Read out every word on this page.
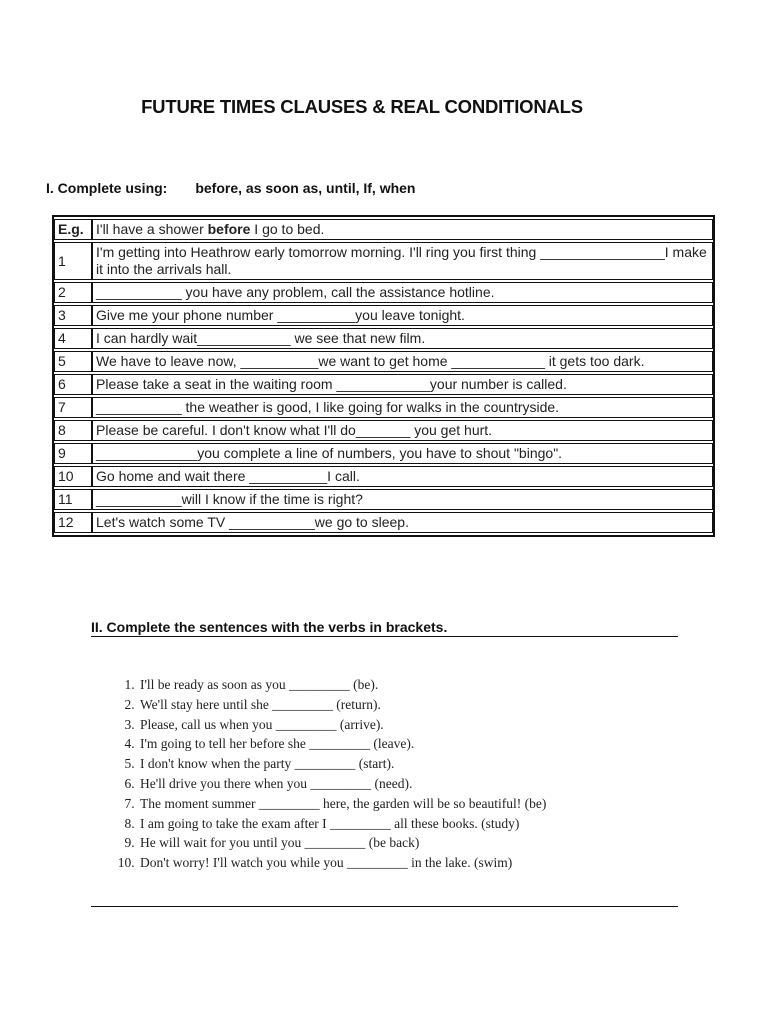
FUTURE TIMES CLAUSES & REAL CONDITIONALS
I. Complete using: before, as soon as, until, If, when
E.g.	I'll have a shower before I go to bed.
1	I'm getting into Heathrow early tomorrow morning. I'll ring you first thing ________________I make it into the arrivals hall.
2	___________ you have any problem, call the assistance hotline.
3	Give me your phone number __________you leave tonight.
4	I can hardly wait____________ we see that new film.
5	We have to leave now, __________we want to get home ____________ it gets too dark.
6	Please take a seat in the waiting room ____________your number is called.
7	___________ the weather is good, I like going for walks in the countryside.
8	Please be careful. I don't know what I'll do_______ you get hurt.
9	_____________you complete a line of numbers, you have to shout "bingo".
10	Go home and wait there __________I call.
11	___________will I know if the time is right?
12	Let's watch some TV ___________we go to sleep.
II. Complete the sentences with the verbs in brackets.
1. I'll be ready as soon as you _________ (be).
2. We'll stay here until she _________ (return).
3. Please, call us when you _________ (arrive).
4. I'm going to tell her before she _________ (leave).
5. I don't know when the party _________ (start).
6. He'll drive you there when you _________ (need).
7. The moment summer _________ here, the garden will be so beautiful! (be)
8. I am going to take the exam after I _________ all these books. (study)
9. He will wait for you until you _________ (be back)
10. Don't worry! I'll watch you while you _________ in the lake. (swim)
